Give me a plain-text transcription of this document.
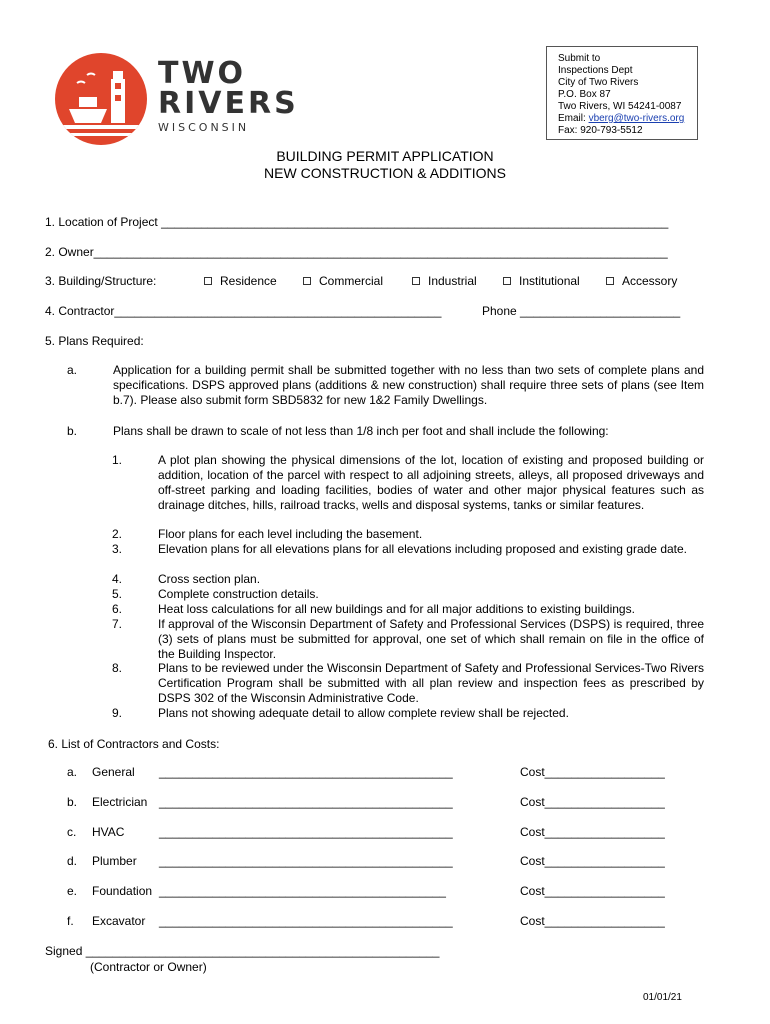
TWO
RIVERS
WISCONSIN
Submit to
Inspections Dept
City of Two Rivers
P.O. Box 87
Two Rivers, WI 54241-0087
Email: vberg@two-rivers.org
Fax: 920-793-5512
BUILDING PERMIT APPLICATION
NEW CONSTRUCTION & ADDITIONS
1. Location of Project ____________________________________________________________________________
2. Owner______________________________________________________________________________________
3. Building/Structure:	Residence	Commercial	Industrial	Institutional	Accessory
4. Contractor_________________________________________________	Phone ________________________
5. Plans Required:
a.	Application for a building permit shall be submitted together with no less than two sets of complete plans and specifications. DSPS approved plans (additions & new construction) shall require three sets of plans (see Item b.7). Please also submit form SBD5832 for new 1&2 Family Dwellings.
b.	Plans shall be drawn to scale of not less than 1/8 inch per foot and shall include the following:
1.	A plot plan showing the physical dimensions of the lot, location of existing and proposed building or addition, location of the parcel with respect to all adjoining streets, alleys, all proposed driveways and off-street parking and loading facilities, bodies of water and other major physical features such as drainage ditches, hills, railroad tracks, wells and disposal systems, tanks or similar features.
2.	Floor plans for each level including the basement.
3.	Elevation plans for all elevations plans for all elevations including proposed and existing grade date.
4.	Cross section plan.
5.	Complete construction details.
6.	Heat loss calculations for all new buildings and for all major additions to existing buildings.
7.	If approval of the Wisconsin Department of Safety and Professional Services (DSPS) is required, three (3) sets of plans must be submitted for approval, one set of which shall remain on file in the office of the Building Inspector.
8.	Plans to be reviewed under the Wisconsin Department of Safety and Professional Services-Two Rivers Certification Program shall be submitted with all plan review and inspection fees as prescribed by DSPS 302 of the Wisconsin Administrative Code.
9.	Plans not showing adequate detail to allow complete review shall be rejected.
6. List of Contractors and Costs:
a. General ____________________________________________	Cost__________________
b. Electrician ____________________________________________	Cost__________________
c. HVAC	____________________________________________	Cost__________________
d. Plumber ____________________________________________	Cost__________________
e. Foundation ___________________________________________	Cost__________________
f. Excavator ____________________________________________	Cost__________________
Signed _____________________________________________________
(Contractor or Owner)
01/01/21
